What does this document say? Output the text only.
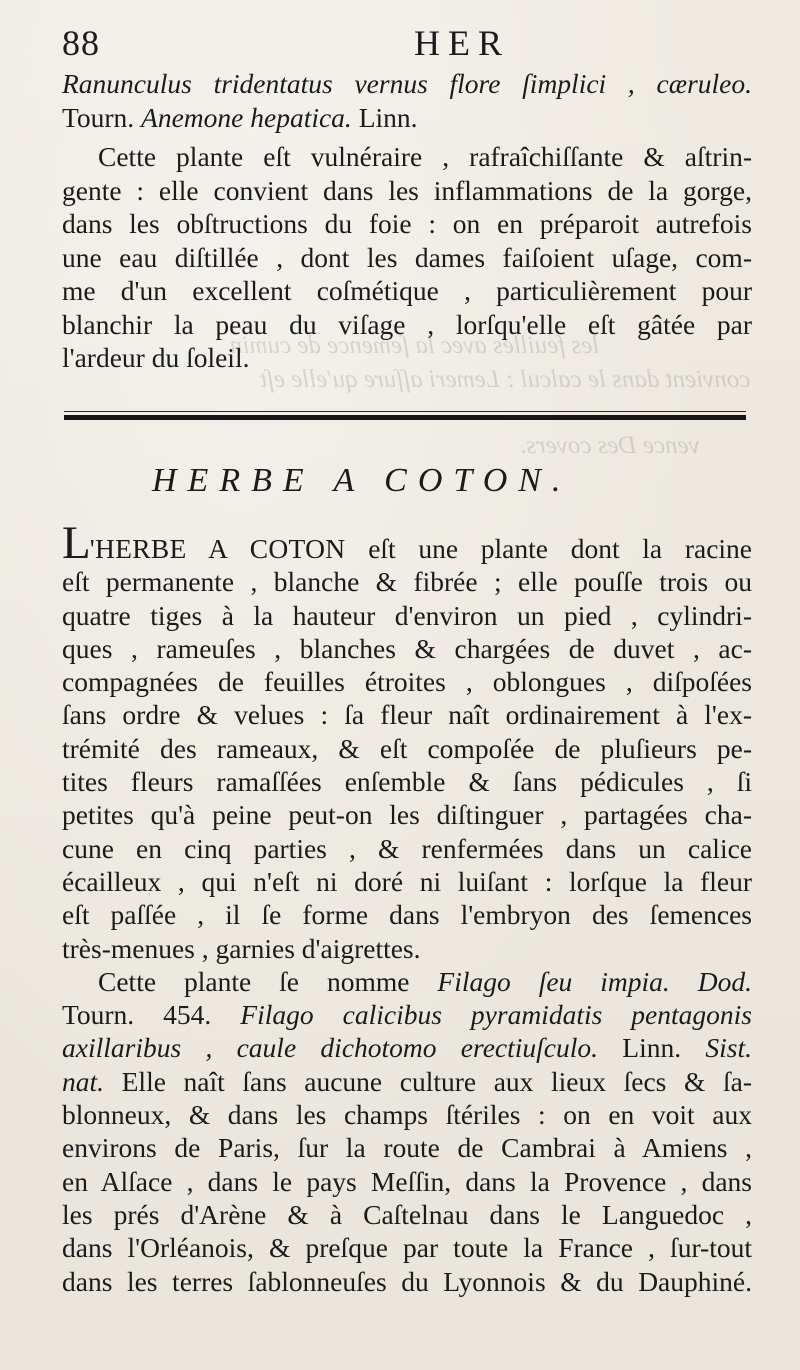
les feuilles avec la ſemence de cumin
convient dans le calcul : Lemeri aſſure qu'elle eſt
vence Des covers.
88	HER
Ranunculus tridentatus vernus flore ſimplici , cæruleo.
Tourn. Anemone hepatica. Linn.
Cette plante eſt vulnéraire , rafraîchiſſante & aſtrin-
gente : elle convient dans les inflammations de la gorge,
dans les obſtructions du foie : on en préparoit autrefois
une eau diſtillée , dont les dames faiſoient uſage, com-
me d'un excellent coſmétique , particulièrement pour
blanchir la peau du viſage , lorſqu'elle eſt gâtée par
l'ardeur du ſoleil.
HERBE A COTON.
L'HERBE A COTON eſt une plante dont la racine
eſt permanente , blanche & fibrée ; elle pouſſe trois ou
quatre tiges à la hauteur d'environ un pied , cylindri-
ques , rameuſes , blanches & chargées de duvet , ac-
compagnées de feuilles étroites , oblongues , diſpoſées
ſans ordre & velues : ſa fleur naît ordinairement à l'ex-
trémité des rameaux, & eſt compoſée de pluſieurs pe-
tites fleurs ramaſſées enſemble & ſans pédicules , ſi
petites qu'à peine peut-on les diſtinguer , partagées cha-
cune en cinq parties , & renfermées dans un calice
écailleux , qui n'eſt ni doré ni luiſant : lorſque la fleur
eſt paſſée , il ſe forme dans l'embryon des ſemences
très-menues , garnies d'aigrettes.
Cette plante ſe nomme Filago ſeu impia. Dod.
Tourn. 454. Filago calicibus pyramidatis pentagonis
axillaribus , caule dichotomo erectiuſculo. Linn. Sist.
nat. Elle naît ſans aucune culture aux lieux ſecs & ſa-
blonneux, & dans les champs ſtériles : on en voit aux
environs de Paris, ſur la route de Cambrai à Amiens ,
en Alſace , dans le pays Meſſin, dans la Provence , dans
les prés d'Arène & à Caſtelnau dans le Languedoc ,
dans l'Orléanois, & preſque par toute la France , ſur-tout
dans les terres ſablonneuſes du Lyonnois & du Dauphiné.
